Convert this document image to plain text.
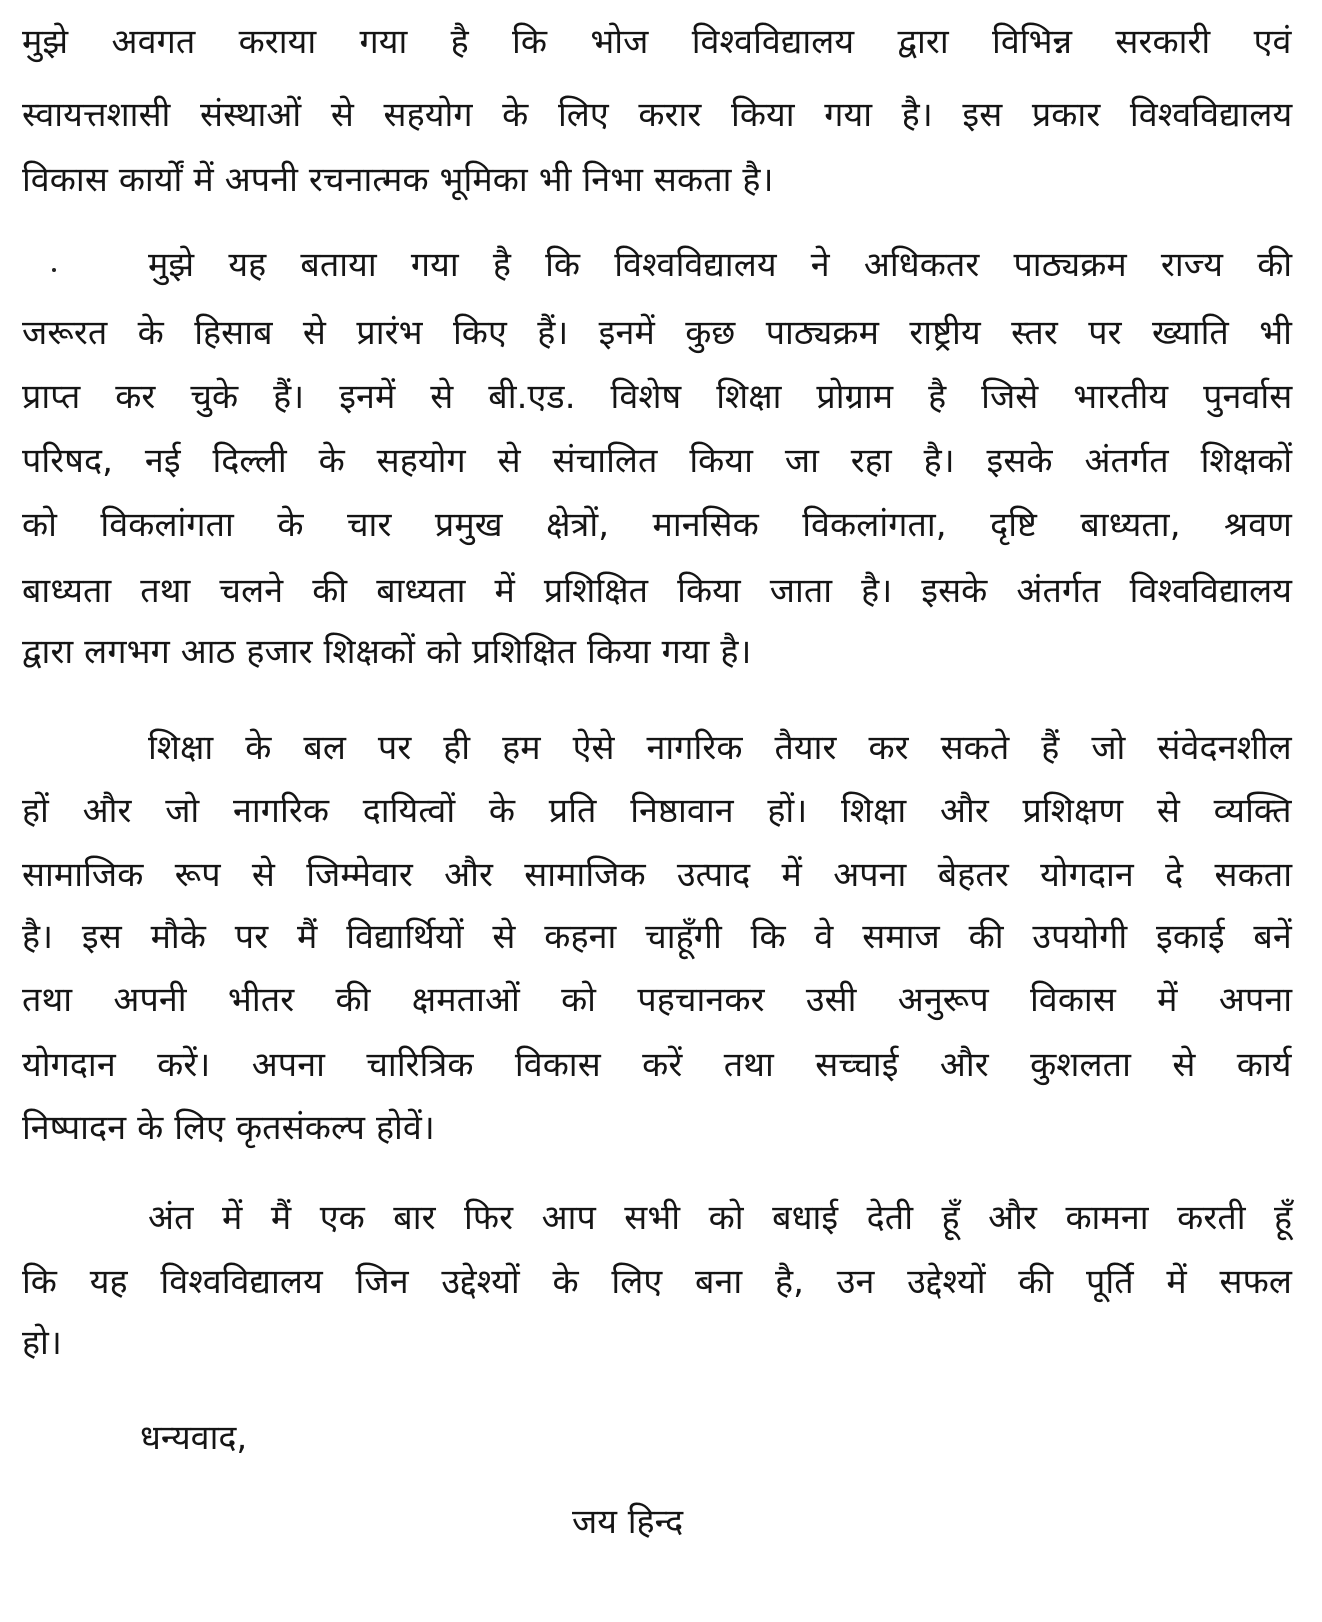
मुझे अवगत कराया गया है कि भोज विश्वविद्यालय द्वारा विभिन्न सरकारी एवं
स्वायत्तशासी संस्थाओं से सहयोग के लिए करार किया गया है। इस प्रकार विश्वविद्यालय
विकास कार्यों में अपनी रचनात्मक भूमिका भी निभा सकता है।
मुझे यह बताया गया है कि विश्वविद्यालय ने अधिकतर पाठ्यक्रम राज्य की
जरूरत के हिसाब से प्रारंभ किए हैं। इनमें कुछ पाठ्यक्रम राष्ट्रीय स्तर पर ख्याति भी
प्राप्त कर चुके हैं। इनमें से बी.एड. विशेष शिक्षा प्रोग्राम है जिसे भारतीय पुनर्वास
परिषद, नई दिल्ली के सहयोग से संचालित किया जा रहा है। इसके अंतर्गत शिक्षकों
को विकलांगता के चार प्रमुख क्षेत्रों, मानसिक विकलांगता, दृष्टि बाध्यता, श्रवण
बाध्यता तथा चलने की बाध्यता में प्रशिक्षित किया जाता है। इसके अंतर्गत विश्वविद्यालय
द्वारा लगभग आठ हजार शिक्षकों को प्रशिक्षित किया गया है।
शिक्षा के बल पर ही हम ऐसे नागरिक तैयार कर सकते हैं जो संवेदनशील
हों और जो नागरिक दायित्वों के प्रति निष्ठावान हों। शिक्षा और प्रशिक्षण से व्यक्ति
सामाजिक रूप से जिम्मेवार और सामाजिक उत्पाद में अपना बेहतर योगदान दे सकता
है। इस मौके पर मैं विद्यार्थियों से कहना चाहूँगी कि वे समाज की उपयोगी इकाई बनें
तथा अपनी भीतर की क्षमताओं को पहचानकर उसी अनुरूप विकास में अपना
योगदान करें। अपना चारित्रिक विकास करें तथा सच्चाई और कुशलता से कार्य
निष्पादन के लिए कृतसंकल्प होवें।
अंत में मैं एक बार फिर आप सभी को बधाई देती हूँ और कामना करती हूँ
कि यह विश्वविद्यालय जिन उद्देश्यों के लिए बना है, उन उद्देश्यों की पूर्ति में सफल
हो।
धन्यवाद,
जय हिन्द
